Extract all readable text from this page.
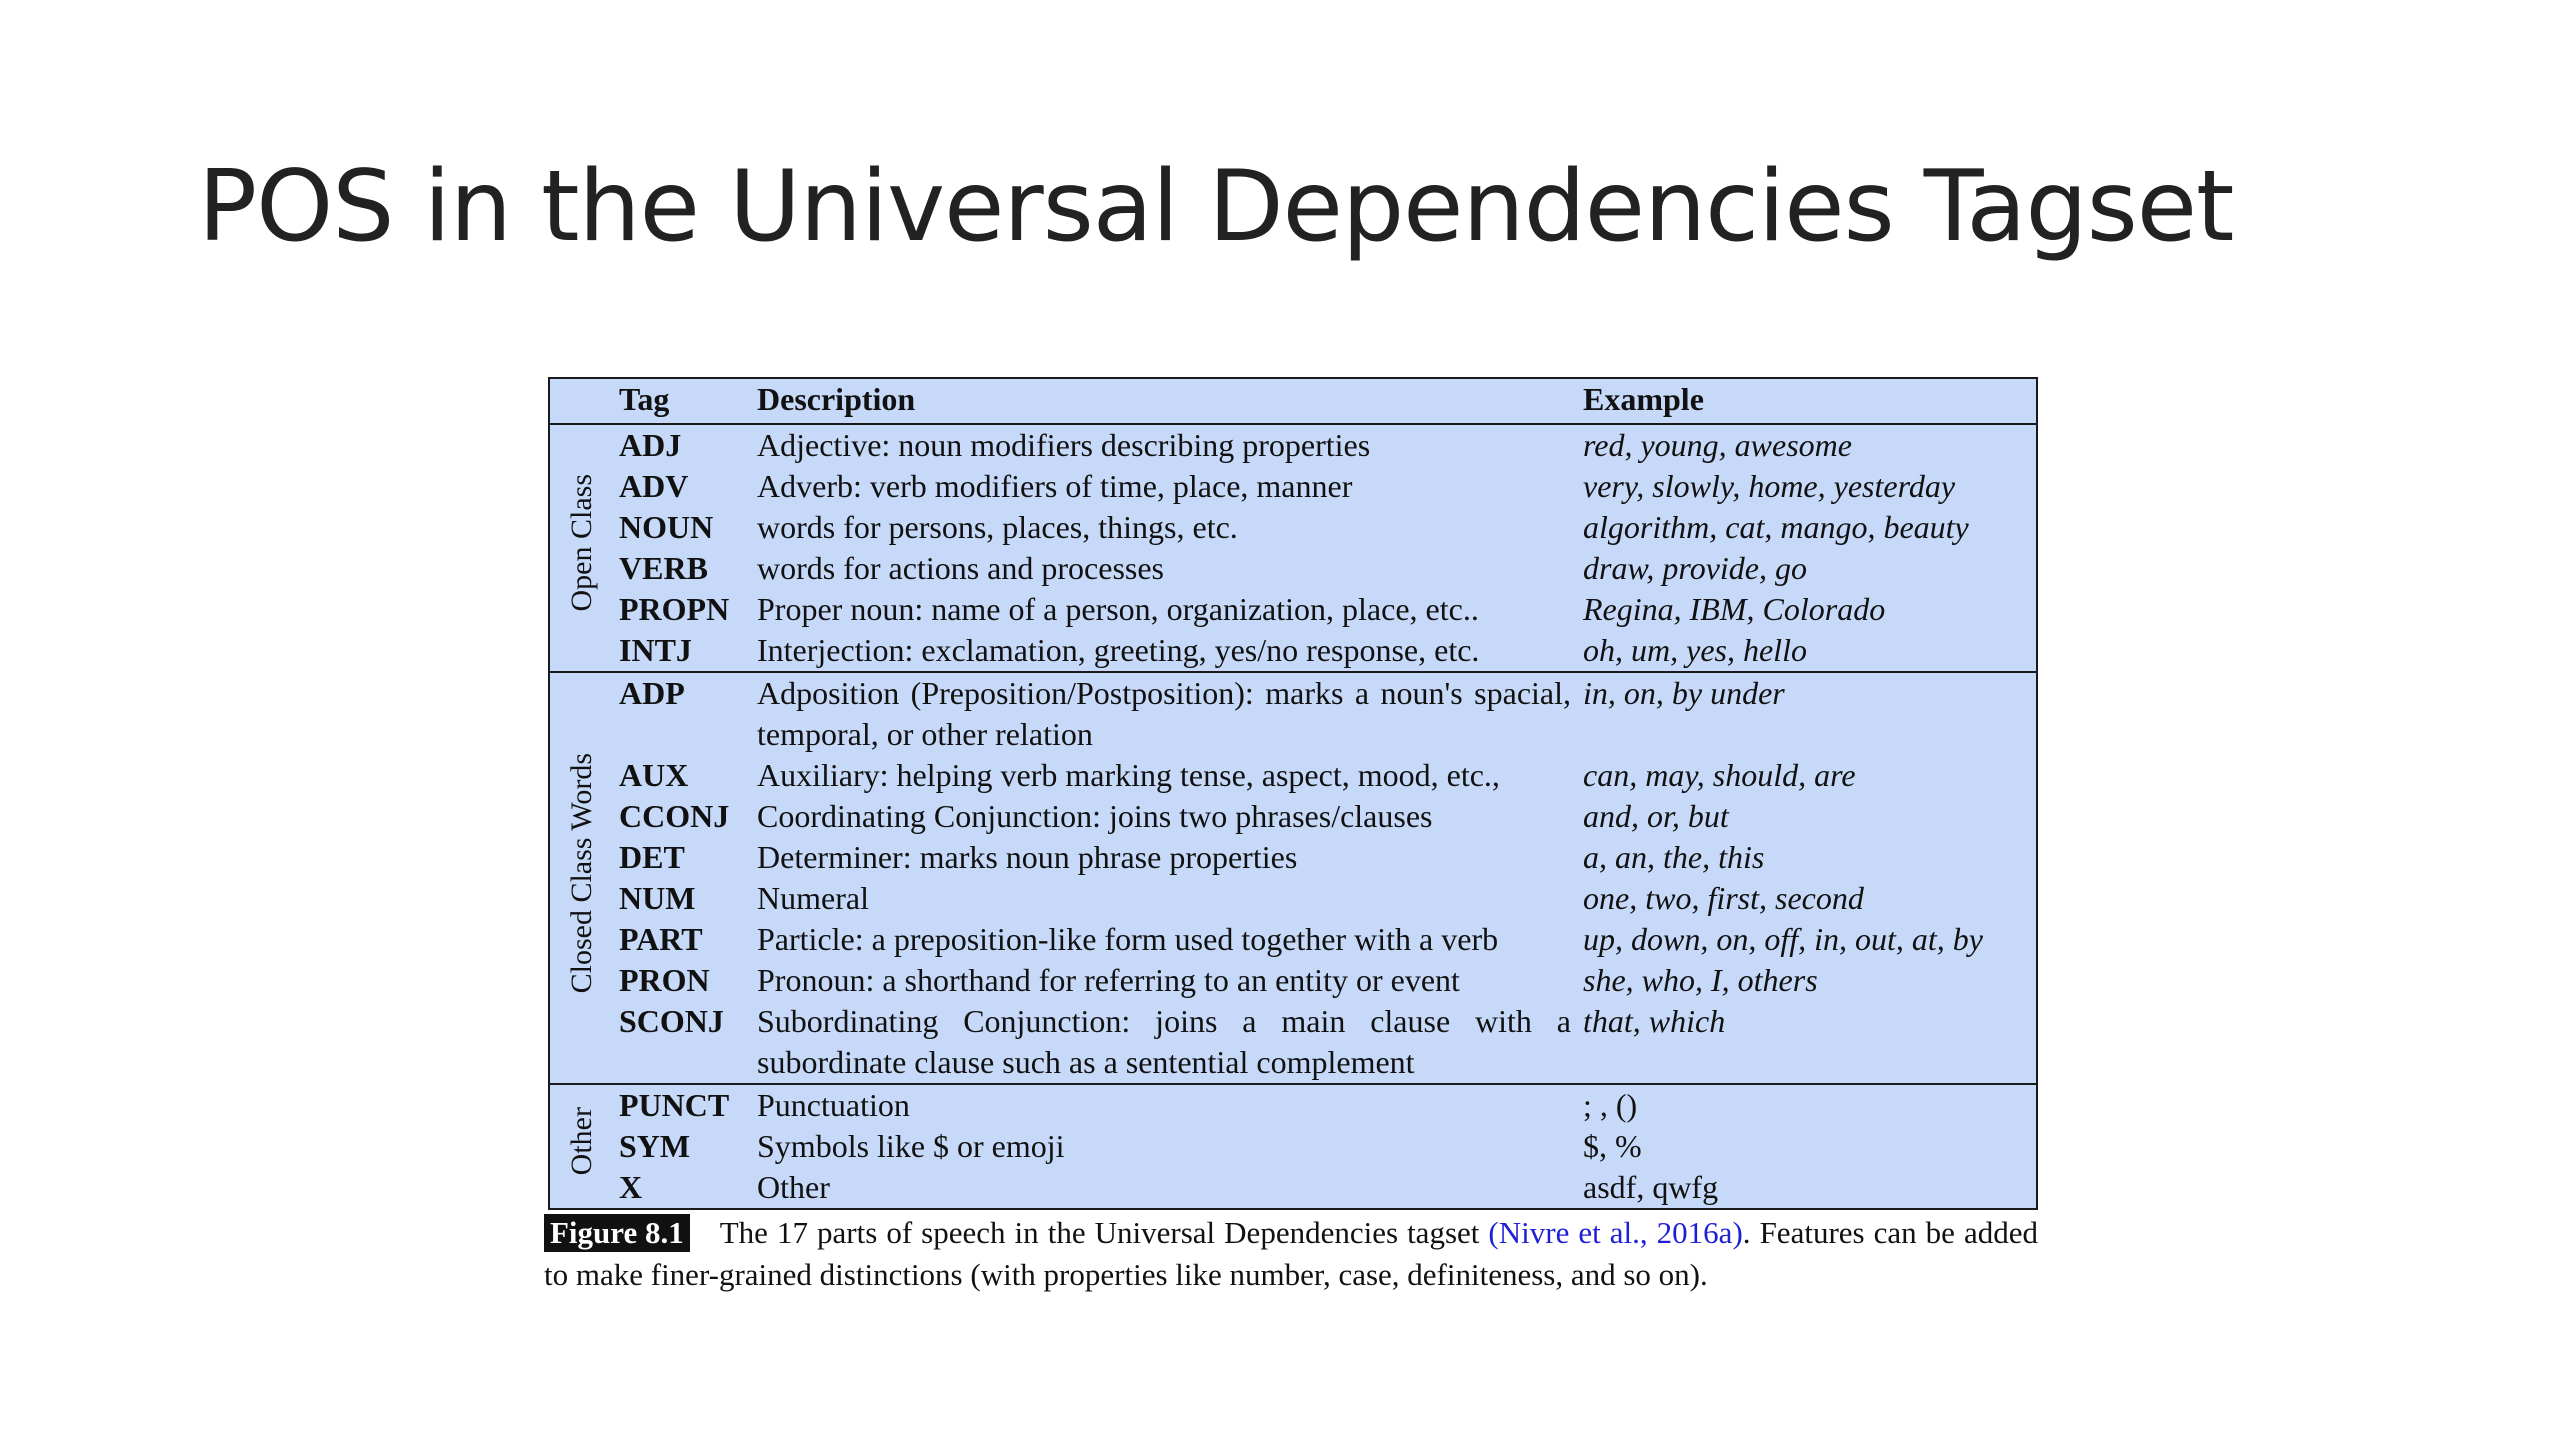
POS in the Universal Dependencies Tagset
	Tag	Description	Example
Open Class	ADJ	Adjective: noun modifiers describing properties	red, young, awesome
	ADV	Adverb: verb modifiers of time, place, manner	very, slowly, home, yesterday
	NOUN	words for persons, places, things, etc.	algorithm, cat, mango, beauty
	VERB	words for actions and processes	draw, provide, go
	PROPN	Proper noun: name of a person, organization, place, etc..	Regina, IBM, Colorado
	INTJ	Interjection: exclamation, greeting, yes/no response, etc.	oh, um, yes, hello
Closed Class Words	ADP	Adposition (Preposition/Postposition): marks a noun's spacial, temporal, or other relation	in, on, by under
	AUX	Auxiliary: helping verb marking tense, aspect, mood, etc.,	can, may, should, are
	CCONJ	Coordinating Conjunction: joins two phrases/clauses	and, or, but
	DET	Determiner: marks noun phrase properties	a, an, the, this
	NUM	Numeral	one, two, first, second
	PART	Particle: a preposition-like form used together with a verb	up, down, on, off, in, out, at, by
	PRON	Pronoun: a shorthand for referring to an entity or event	she, who, I, others
	SCONJ	Subordinating Conjunction: joins a main clause with a subordinate clause such as a sentential complement	that, which
Other	PUNCT	Punctuation	; , ()
	SYM	Symbols like $ or emoji	$, %
	X	Other	asdf, qwfg
Figure 8.1 The 17 parts of speech in the Universal Dependencies tagset (Nivre et al., 2016a). Features can be added to make finer-grained distinctions (with properties like number, case, definiteness, and so on).
